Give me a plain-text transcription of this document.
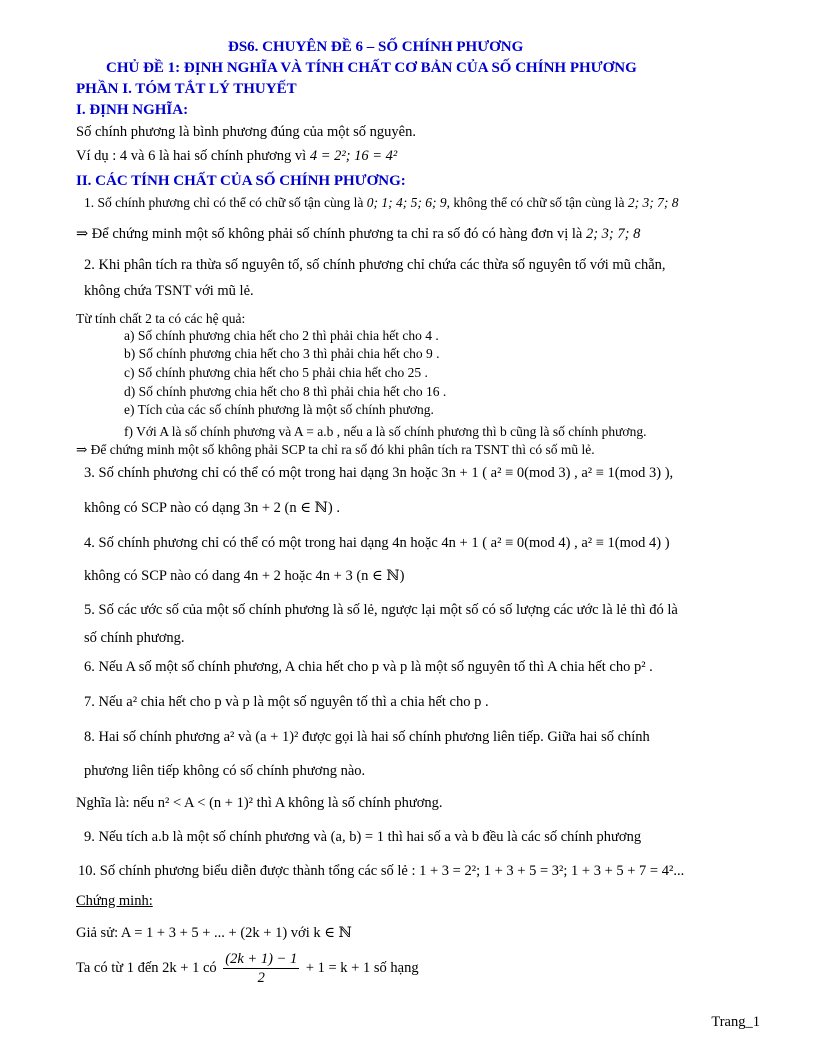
ĐS6. CHUYÊN ĐỀ 6 – SỐ CHÍNH PHƯƠNG
CHỦ ĐỀ 1: ĐỊNH NGHĨA VÀ TÍNH CHẤT CƠ BẢN CỦA SỐ CHÍNH PHƯƠNG
PHẦN I. TÓM TẮT LÝ THUYẾT
I. ĐỊNH NGHĨA:
Số chính phương là bình phương đúng của một số nguyên.
Ví dụ : 4 và 6 là hai số chính phương vì 4 = 2²; 16 = 4²
II. CÁC TÍNH CHẤT CỦA SỐ CHÍNH PHƯƠNG:
1. Số chính phương chỉ có thể có chữ số tận cùng là 0; 1; 4; 5; 6; 9, không thể có chữ số tận cùng là 2; 3; 7; 8
⇒ Để chứng minh một số không phải số chính phương ta chỉ ra số đó có hàng đơn vị là 2; 3; 7; 8
2. Khi phân tích ra thừa số nguyên tố, số chính phương chỉ chứa các thừa số nguyên tố với mũ chẵn,
không chứa TSNT với mũ lẻ.
Từ tính chất 2 ta có các hệ quả:
a) Số chính phương chia hết cho 2 thì phải chia hết cho 4 .
b) Số chính phương chia hết cho 3 thì phải chia hết cho 9 .
c) Số chính phương chia hết cho 5 phải chia hết cho 25 .
d) Số chính phương chia hết cho 8 thì phải chia hết cho 16 .
e) Tích của các số chính phương là một số chính phương.
f) Với A là số chính phương và A = a.b , nếu a là số chính phương thì b cũng là số chính phương.
⇒ Để chứng minh một số không phải SCP ta chỉ ra số đó khi phân tích ra TSNT thì có số mũ lẻ.
3. Số chính phương chỉ có thể có một trong hai dạng 3n hoặc 3n + 1 ( a² ≡ 0(mod 3) , a² ≡ 1(mod 3) ),
không có SCP nào có dạng 3n + 2 (n ∈ ℕ) .
4. Số chính phương chỉ có thể có một trong hai dạng 4n hoặc 4n + 1 ( a² ≡ 0(mod 4) , a² ≡ 1(mod 4) )
không có SCP nào có dang 4n + 2 hoặc 4n + 3 (n ∈ ℕ)
5. Số các ước số của một số chính phương là số lẻ, ngược lại một số có số lượng các ước là lẻ thì đó là
số chính phương.
6. Nếu A số một số chính phương, A chia hết cho p và p là một số nguyên tố thì A chia hết cho p² .
7. Nếu a² chia hết cho p và p là một số nguyên tố thì a chia hết cho p .
8. Hai số chính phương a² và (a + 1)² được gọi là hai số chính phương liên tiếp. Giữa hai số chính
phương liên tiếp không có số chính phương nào.
Nghĩa là: nếu n² < A < (n + 1)² thì A không là số chính phương.
9. Nếu tích a.b là một số chính phương và (a, b) = 1 thì hai số a và b đều là các số chính phương
10. Số chính phương biểu diễn được thành tổng các số lẻ : 1 + 3 = 2²; 1 + 3 + 5 = 3²; 1 + 3 + 5 + 7 = 4²...
Chứng minh:
Giả sử: A = 1 + 3 + 5 + ... + (2k + 1) với k ∈ ℕ
Ta có từ 1 đến 2k + 1 có $\frac{(2k + 1) - 1}{2} + 1 = k + 1$ số hạng
Trang_1
